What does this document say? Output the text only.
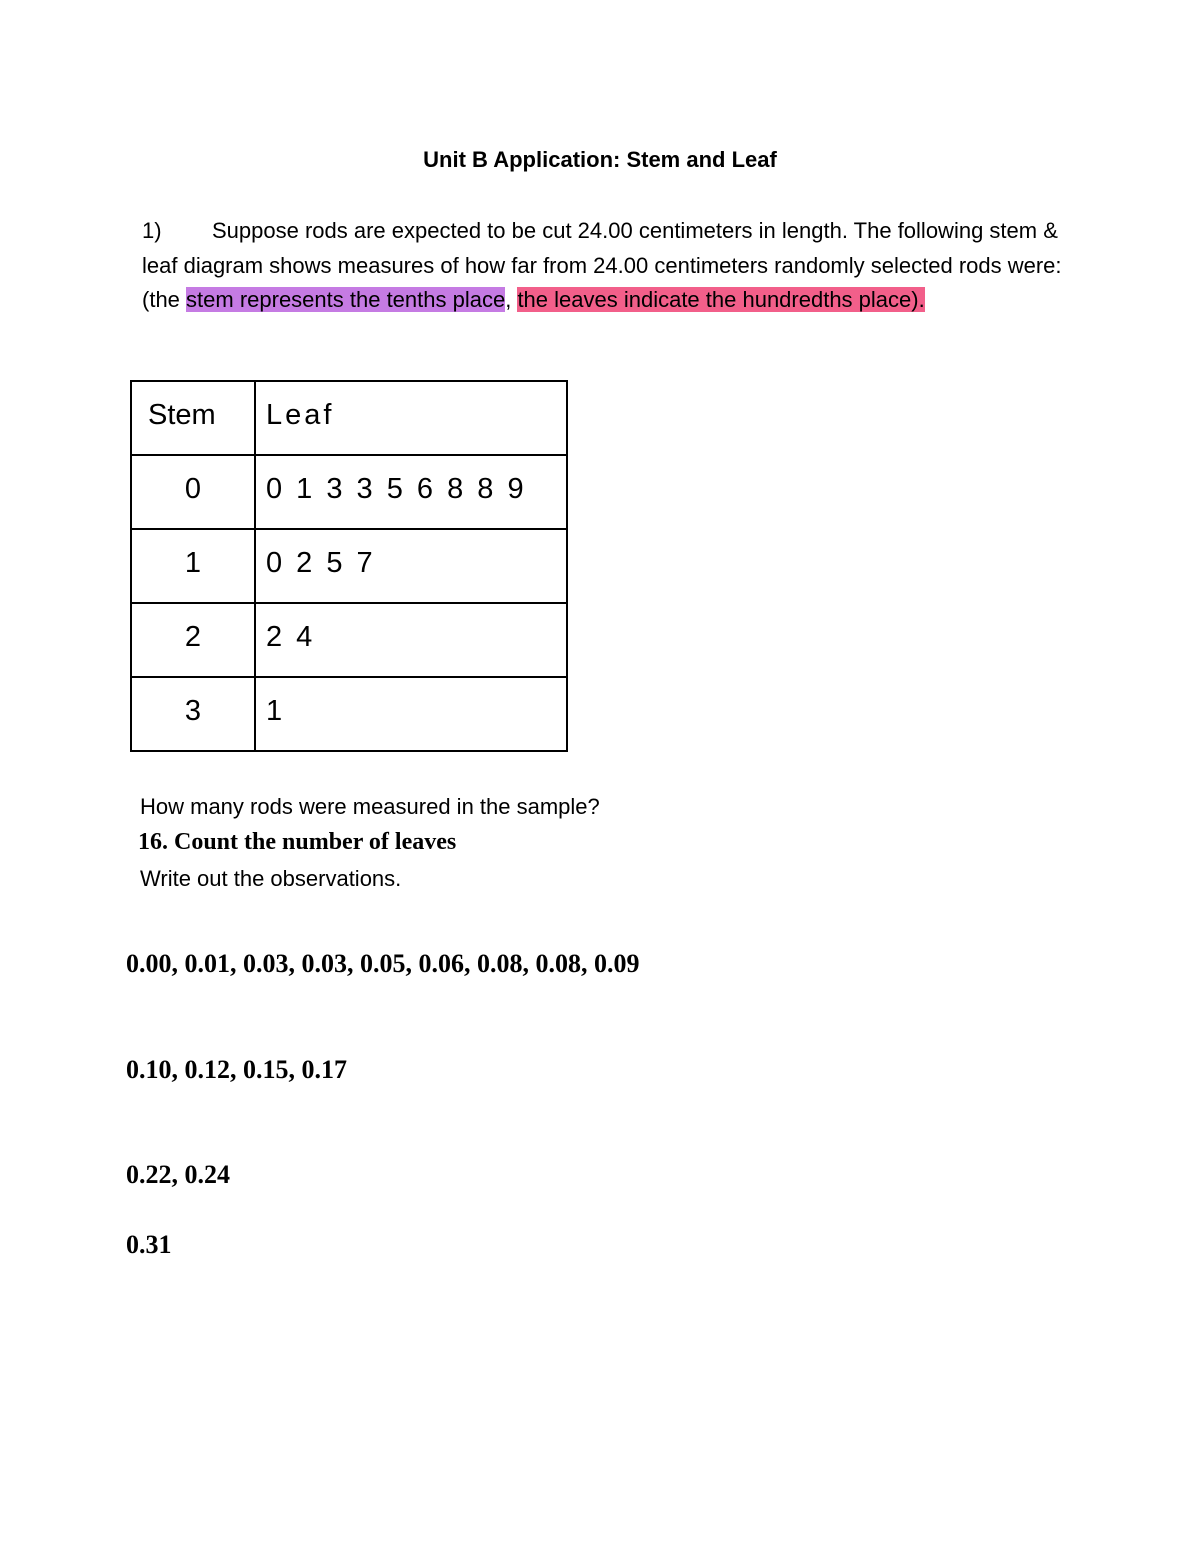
Unit B Application: Stem and Leaf
1) Suppose rods are expected to be cut 24.00 centimeters in length. The following stem & leaf diagram shows measures of how far from 24.00 centimeters randomly selected rods were: (the stem represents the tenths place, the leaves indicate the hundredths place).
Stem	Leaf
0	0 1 3 3 5 6 8 8 9
1	0 2 5 7
2	2 4
3	1
How many rods were measured in the sample?
16. Count the number of leaves
Write out the observations.
0.00, 0.01, 0.03, 0.03, 0.05, 0.06, 0.08, 0.08, 0.09
0.10, 0.12, 0.15, 0.17
0.22, 0.24
0.31
